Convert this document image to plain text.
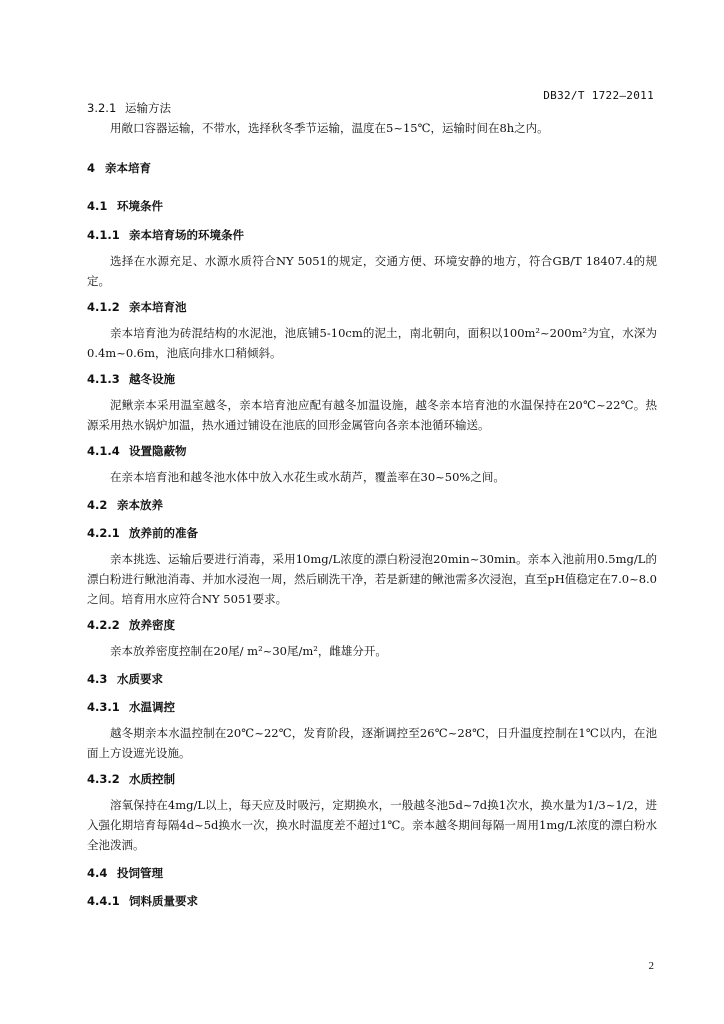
DB32/T 1722—2011
3.2.1 运输方法

用敞口容器运输，不带水，选择秋冬季节运输，温度在5~15℃，运输时间在8h之内。

4 亲本培育
4.1 环境条件
4.1.1 亲本培育场的环境条件

选择在水源充足、水源水质符合NY 5051的规定，交通方便、环境安静的地方，符合GB/T 18407.4的规定。

4.1.2 亲本培育池

亲本培育池为砖混结构的水泥池，池底铺5-10cm的泥土，南北朝向，面积以100m²~200m²为宜，水深为0.4m~0.6m，池底向排水口稍倾斜。

4.1.3 越冬设施

泥鳅亲本采用温室越冬，亲本培育池应配有越冬加温设施，越冬亲本培育池的水温保持在20℃~22℃。热源采用热水锅炉加温，热水通过铺设在池底的回形金属管向各亲本池循环输送。

4.1.4 设置隐蔽物

在亲本培育池和越冬池水体中放入水花生或水葫芦，覆盖率在30~50%之间。

4.2 亲本放养
4.2.1 放养前的准备

亲本挑选、运输后要进行消毒，采用10mg/L浓度的漂白粉浸泡20min~30min。亲本入池前用0.5mg/L的漂白粉进行鳅池消毒、并加水浸泡一周，然后刷洗干净，若是新建的鳅池需多次浸泡，直至pH值稳定在7.0~8.0之间。培育用水应符合NY 5051要求。

4.2.2 放养密度

亲本放养密度控制在20尾/ m²~30尾/m²，雌雄分开。

4.3 水质要求
4.3.1 水温调控

越冬期亲本水温控制在20℃~22℃，发育阶段，逐渐调控至26℃~28℃，日升温度控制在1℃以内，在池面上方设遮光设施。

4.3.2 水质控制

溶氧保持在4mg/L以上，每天应及时吸污，定期换水，一般越冬池5d~7d换1次水，换水量为1/3~1/2，进入强化期培育每隔4d~5d换水一次，换水时温度差不超过1℃。亲本越冬期间每隔一周用1mg/L浓度的漂白粉水全池泼洒。

4.4 投饲管理
4.4.1 饲料质量要求
2
